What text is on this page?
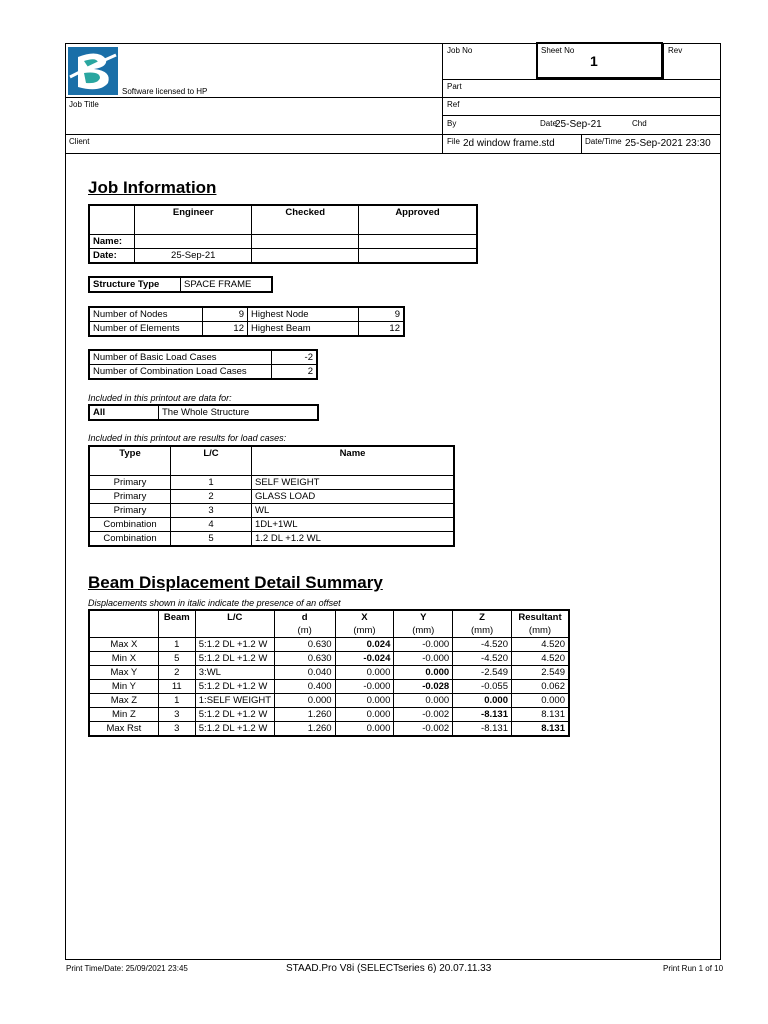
Software licensed to HP
Job Title
Client
Job No	Sheet No
1
Rev
Part
Ref
By	Date
25-Sep-21	Chd
File 2d window frame.std	Date/Time 25-Sep-2021 23:30
Job Information
	Engineer	Checked	Approved
Name:			
Date:	25-Sep-21		
Structure Type	SPACE FRAME
Number of Nodes	9	Highest Node	9
Number of Elements	12	Highest Beam	12
Number of Basic Load Cases	-2
Number of Combination Load Cases	2
Included in this printout are data for:
All	The Whole Structure
Included in this printout are results for load cases:
Type	L/C	Name
Primary	1	SELF WEIGHT
Primary	2	GLASS LOAD
Primary	3	WL
Combination	4	1DL+1WL
Combination	5	1.2 DL +1.2 WL
Beam Displacement Detail Summary
Displacements shown in italic indicate the presence of an offset
	Beam	L/C	d	X	Y	Z	Resultant
			(m)	(mm)	(mm)	(mm)	(mm)
Max X	1	5:1.2 DL +1.2 W	0.630	0.024	-0.000	-4.520	4.520
Min X	5	5:1.2 DL +1.2 W	0.630	-0.024	-0.000	-4.520	4.520
Max Y	2	3:WL	0.040	0.000	0.000	-2.549	2.549
Min Y	11	5:1.2 DL +1.2 W	0.400	-0.000	-0.028	-0.055	0.062
Max Z	1	1:SELF WEIGHT	0.000	0.000	0.000	0.000	0.000
Min Z	3	5:1.2 DL +1.2 W	1.260	0.000	-0.002	-8.131	8.131
Max Rst	3	5:1.2 DL +1.2 W	1.260	0.000	-0.002	-8.131	8.131
Print Time/Date: 25/09/2021 23:45	STAAD.Pro V8i (SELECTseries 6) 20.07.11.33	Print Run 1 of 10
